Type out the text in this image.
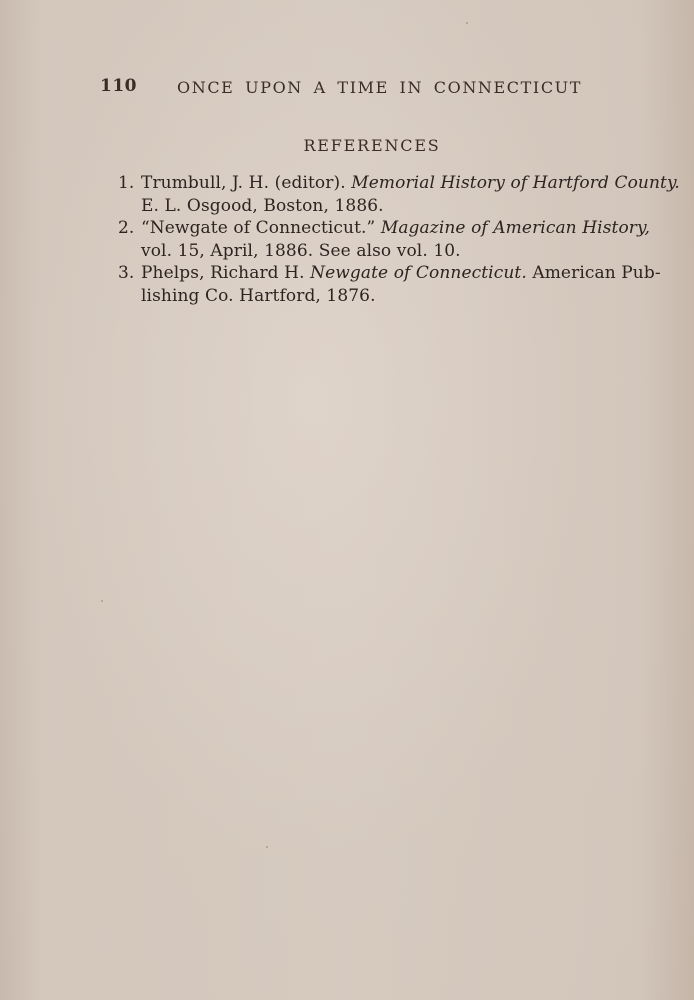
110	ONCE UPON A TIME IN CONNECTICUT
REFERENCES
1. Trumbull, J. H. (editor). Memorial History of Hartford County.
E. L. Osgood, Boston, 1886.
2. “Newgate of Connecticut.” Magazine of American History,
vol. 15, April, 1886. See also vol. 10.
3. Phelps, Richard H. Newgate of Connecticut. American Pub-
lishing Co. Hartford, 1876.
